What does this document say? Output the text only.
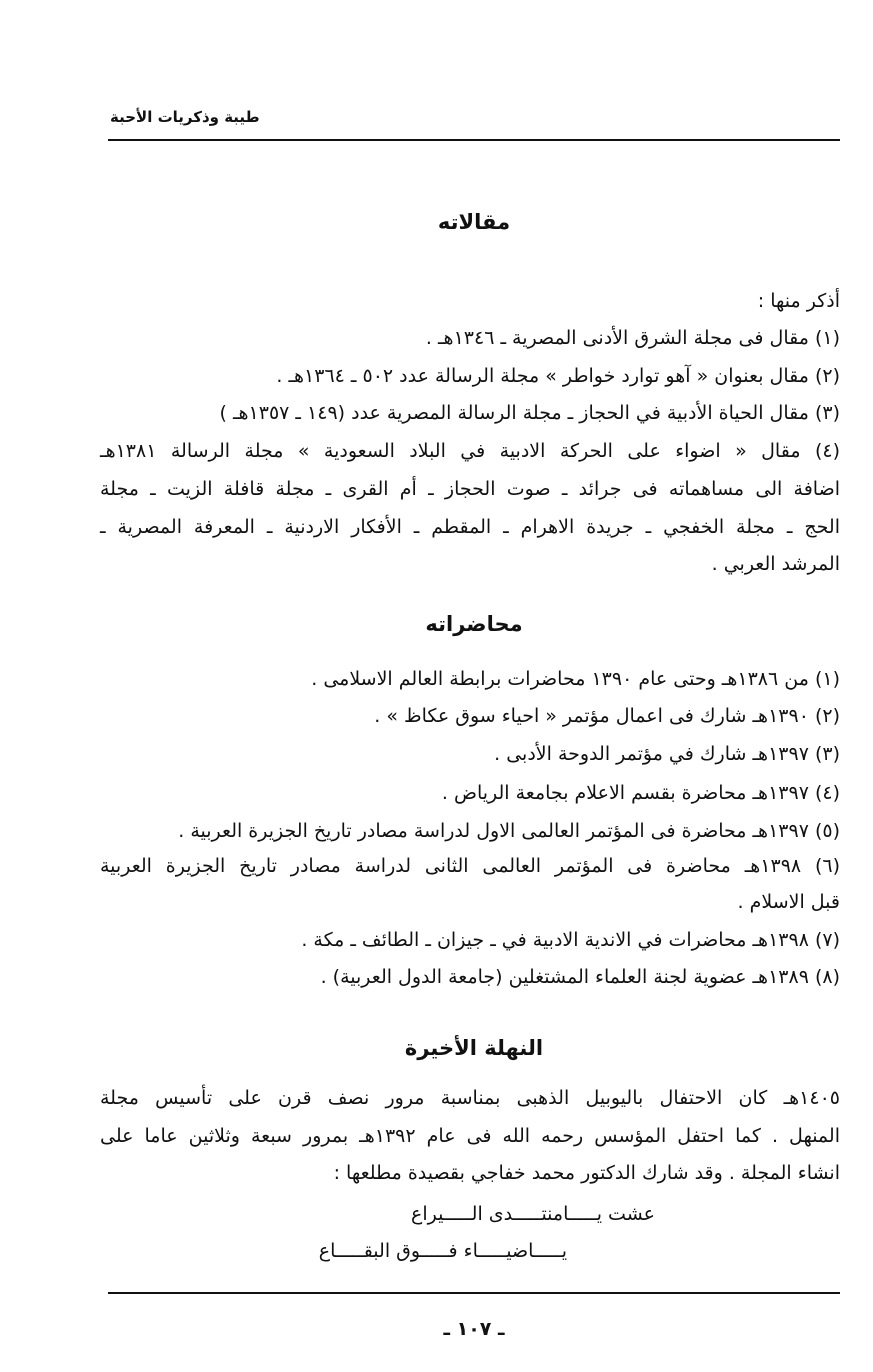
طيبة وذكريات الأحبة
مقالاته
أذكر منها :
(١) مقال فى مجلة الشرق الأدنى المصرية ـ ١٣٤٦هـ .
(٢) مقال بعنوان « آهو توارد خواطر » مجلة الرسالة عدد ٥٠٢ ـ ١٣٦٤هـ .
(٣) مقال الحياة الأدبية في الحجاز ـ مجلة الرسالة المصرية عدد (١٤٩ ـ ١٣٥٧هـ )
(٤) مقال « اضواء على الحركة الادبية في البلاد السعودية » مجلة الرسالة ١٣٨١هـ
اضافة الى مساهماته فى جرائد ـ صوت الحجاز ـ أم القرى ـ مجلة قافلة الزيت ـ مجلة
الحج ـ مجلة الخفجي ـ جريدة الاهرام ـ المقطم ـ الأفكار الاردنية ـ المعرفة المصرية ـ
المرشد العربي .
محاضراته
(١) من ١٣٨٦هـ وحتى عام ١٣٩٠ محاضرات برابطة العالم الاسلامى .
(٢) ١٣٩٠هـ شارك فى اعمال مؤتمر « احياء سوق عكاظ » .
(٣) ١٣٩٧هـ شارك في مؤتمر الدوحة الأدبى .
(٤) ١٣٩٧هـ محاضرة بقسم الاعلام بجامعة الرياض .
(٥) ١٣٩٧هـ محاضرة فى المؤتمر العالمى الاول لدراسة مصادر تاريخ الجزيرة العربية .
(٦) ١٣٩٨هـ محاضرة فى المؤتمر العالمى الثانى لدراسة مصادر تاريخ الجزيرة العربية
قبل الاسلام .
(٧) ١٣٩٨هـ محاضرات في الاندية الادبية في ـ جيزان ـ الطائف ـ مكة .
(٨) ١٣٨٩هـ عضوية لجنة العلماء المشتغلين (جامعة الدول العربية) .
النهلة الأخيرة
١٤٠٥هـ كان الاحتفال باليوبيل الذهبى بمناسبة مرور نصف قرن على تأسيس مجلة
المنهل . كما احتفل المؤسس رحمه الله فى عام ١٣٩٢هـ بمرور سبعة وثلاثين عاما على
انشاء المجلة . وقد شارك الدكتور محمد خفاجي بقصيدة مطلعها :
عشت يـــــامنتـــــدى الـــــيراع
يـــــاضيـــــاء فـــــوق البقـــــاع
ـ ١٠٧ ـ
